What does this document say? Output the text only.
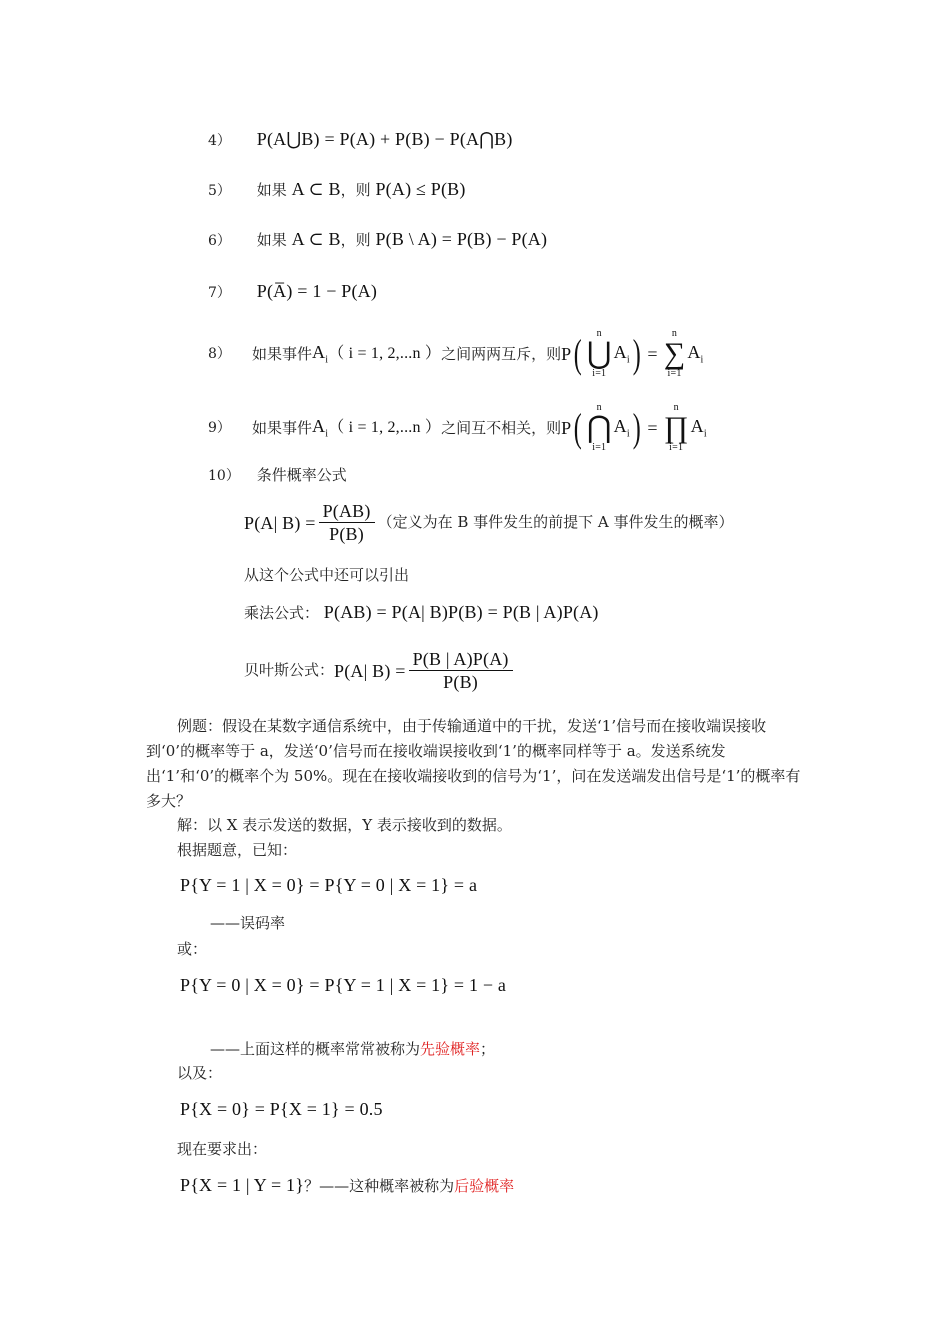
4） P(A⋃B) = P(A) + P(B) − P(A⋂B)
5） 如果 A ⊂ B，则 P(A) ≤ P(B)
6） 如果 A ⊂ B，则 P(B \ A) = P(B) − P(A)
7） P(A̅) = 1 − P(A)
8）	如果事件 $A_i$ （ i = 1, 2,...n ） 之间两两互斥，则 P ( n
⋃
i=1
$A_i$ ) =
n
∑
i=1
$A_i$
9）	如果事件 $A_i$ （ i = 1, 2,...n ） 之间互不相关，则 P ( n
⋂
i=1
$A_i$ ) =
n
∏
i=1
$A_i$
10） 条件概率公式
P(A| $B) = \frac{P(AB)}{P(B)}$ （定义为在 B 事件发生的前提下 A 事件发生的概率）
从这个公式中还可以引出
乘法公式： P(AB) = P(A| B)P(B) = P(B | A)P(A)
贝叶斯公式： P(A| $B) = \frac{P(B | A)P(A)}{P(B)}$
例题：假设在某数字通信系统中，由于传输通道中的干扰，发送‘1’信号而在接收端误接收到‘0’的概率等于 a，发送‘0’信号而在接收端误接收到‘1’的概率同样等于 a。发送系统发出‘1’和‘0’的概率个为 50%。现在在接收端接收到的信号为‘1’，问在发送端发出信号是‘1’的概率有多大？
解：以 X 表示发送的数据，Y 表示接收到的数据。
根据题意，已知：
P{Y = 1 | X = 0} = P{Y = 0 | X = 1} = a
——误码率
或：
P{Y = 0 | X = 0} = P{Y = 1 | X = 1} = 1 − a
——上面这样的概率常常被称为先验概率；
以及：
P{X = 0} = P{X = 1} = 0.5
现在要求出：
P{X = 1 | Y = 1}？——这种概率被称为后验概率
